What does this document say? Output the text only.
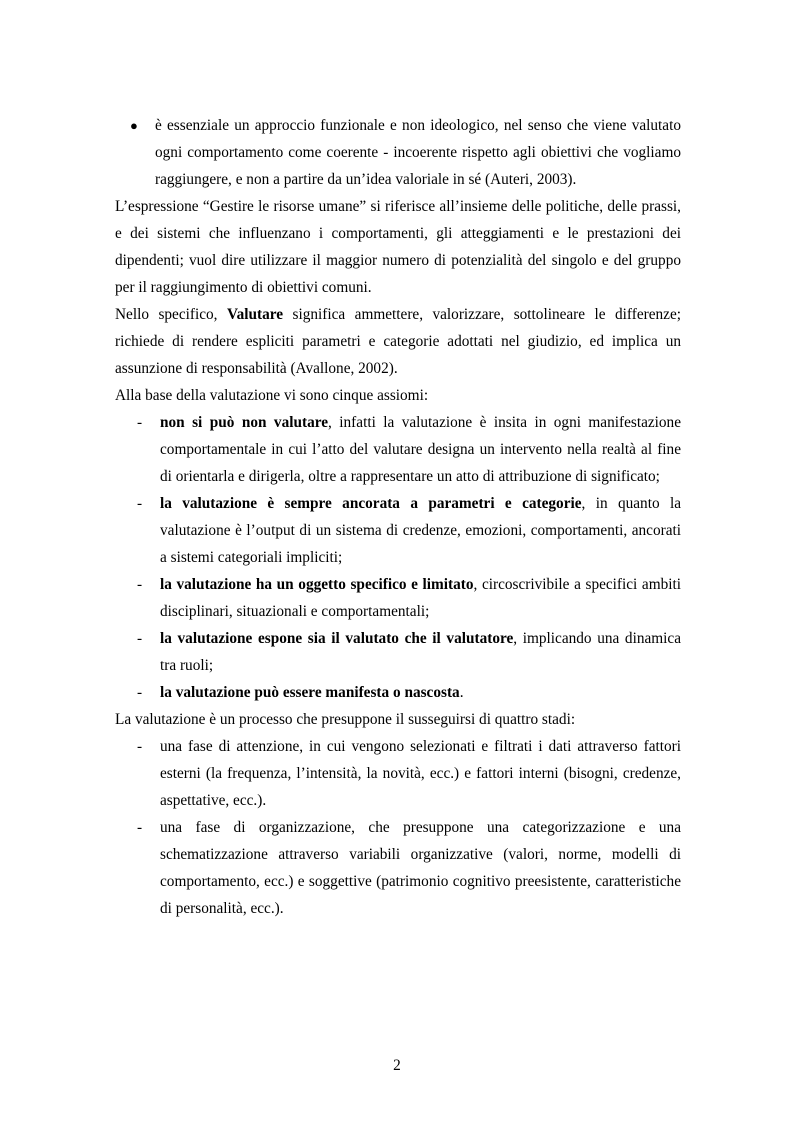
● è essenziale un approccio funzionale e non ideologico, nel senso che viene valutato ogni comportamento come coerente - incoerente rispetto agli obiettivi che vogliamo raggiungere, e non a partire da un’idea valoriale in sé (Auteri, 2003).

L’espressione “Gestire le risorse umane” si riferisce all’insieme delle politiche, delle prassi, e dei sistemi che influenzano i comportamenti, gli atteggiamenti e le prestazioni dei dipendenti; vuol dire utilizzare il maggior numero di potenzialità del singolo e del gruppo per il raggiungimento di obiettivi comuni.

Nello specifico, Valutare significa ammettere, valorizzare, sottolineare le differenze; richiede di rendere espliciti parametri e categorie adottati nel giudizio, ed implica un assunzione di responsabilità (Avallone, 2002).

Alla base della valutazione vi sono cinque assiomi:

- non si può non valutare, infatti la valutazione è insita in ogni manifestazione comportamentale in cui l’atto del valutare designa un intervento nella realtà al fine di orientarla e dirigerla, oltre a rappresentare un atto di attribuzione di significato;
- la valutazione è sempre ancorata a parametri e categorie, in quanto la valutazione è l’output di un sistema di credenze, emozioni, comportamenti, ancorati a sistemi categoriali impliciti;
- la valutazione ha un oggetto specifico e limitato, circoscrivibile a specifici ambiti disciplinari, situazionali e comportamentali;
- la valutazione espone sia il valutato che il valutatore, implicando una dinamica tra ruoli;
- la valutazione può essere manifesta o nascosta.

La valutazione è un processo che presuppone il susseguirsi di quattro stadi:

- una fase di attenzione, in cui vengono selezionati e filtrati i dati attraverso fattori esterni (la frequenza, l’intensità, la novità, ecc.) e fattori interni (bisogni, credenze, aspettative, ecc.).
- una fase di organizzazione, che presuppone una categorizzazione e una schematizzazione attraverso variabili organizzative (valori, norme, modelli di comportamento, ecc.) e soggettive (patrimonio cognitivo preesistente, caratteristiche di personalità, ecc.).
2
